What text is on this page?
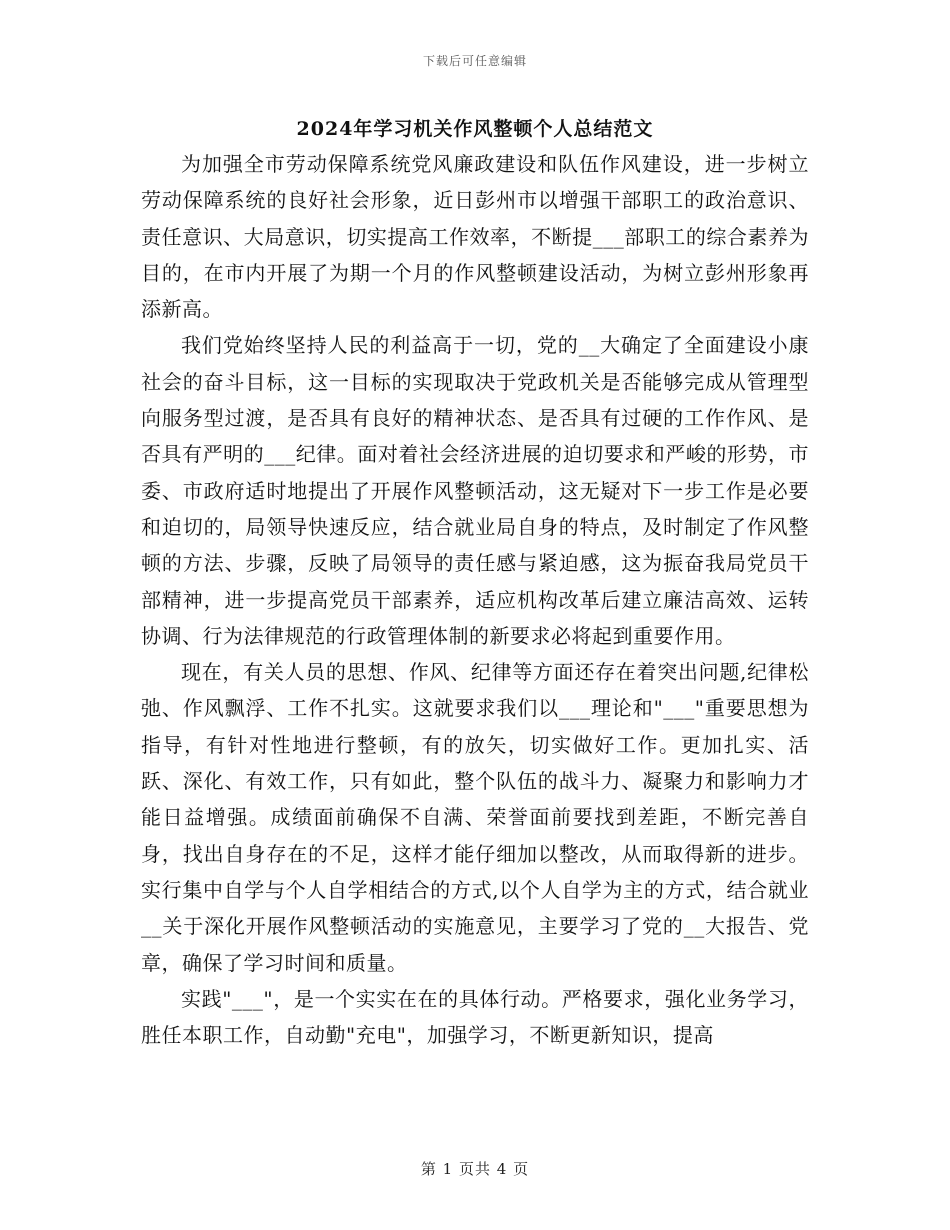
下载后可任意编辑
2024年学习机关作风整顿个人总结范文

为加强全市劳动保障系统党风廉政建设和队伍作风建设，进一步树立劳动保障系统的良好社会形象，近日彭州市以增强干部职工的政治意识、责任意识、大局意识，切实提高工作效率，不断提___部职工的综合素养为目的，在市内开展了为期一个月的作风整顿建设活动，为树立彭州形象再添新高。

我们党始终坚持人民的利益高于一切，党的__大确定了全面建设小康社会的奋斗目标，这一目标的实现取决于党政机关是否能够完成从管理型向服务型过渡，是否具有良好的精神状态、是否具有过硬的工作作风、是否具有严明的___纪律。面对着社会经济进展的迫切要求和严峻的形势，市委、市政府适时地提出了开展作风整顿活动，这无疑对下一步工作是必要和迫切的，局领导快速反应，结合就业局自身的特点，及时制定了作风整顿的方法、步骤，反映了局领导的责任感与紧迫感，这为振奋我局党员干部精神，进一步提高党员干部素养，适应机构改革后建立廉洁高效、运转协调、行为法律规范的行政管理体制的新要求必将起到重要作用。

现在，有关人员的思想、作风、纪律等方面还存在着突出问题,纪律松弛、作风飘浮、工作不扎实。这就要求我们以___理论和"___"重要思想为指导，有针对性地进行整顿，有的放矢，切实做好工作。更加扎实、活跃、深化、有效工作，只有如此，整个队伍的战斗力、凝聚力和影响力才能日益增强。成绩面前确保不自满、荣誉面前要找到差距，不断完善自身，找出自身存在的不足，这样才能仔细加以整改，从而取得新的进步。实行集中自学与个人自学相结合的方式,以个人自学为主的方式，结合就业__关于深化开展作风整顿活动的实施意见，主要学习了党的__大报告、党章，确保了学习时间和质量。

实践"___"，是一个实实在在的具体行动。严格要求，强化业务学习，胜任本职工作，自动勤"充电"，加强学习，不断更新知识，提高

第 1 页共 4 页
